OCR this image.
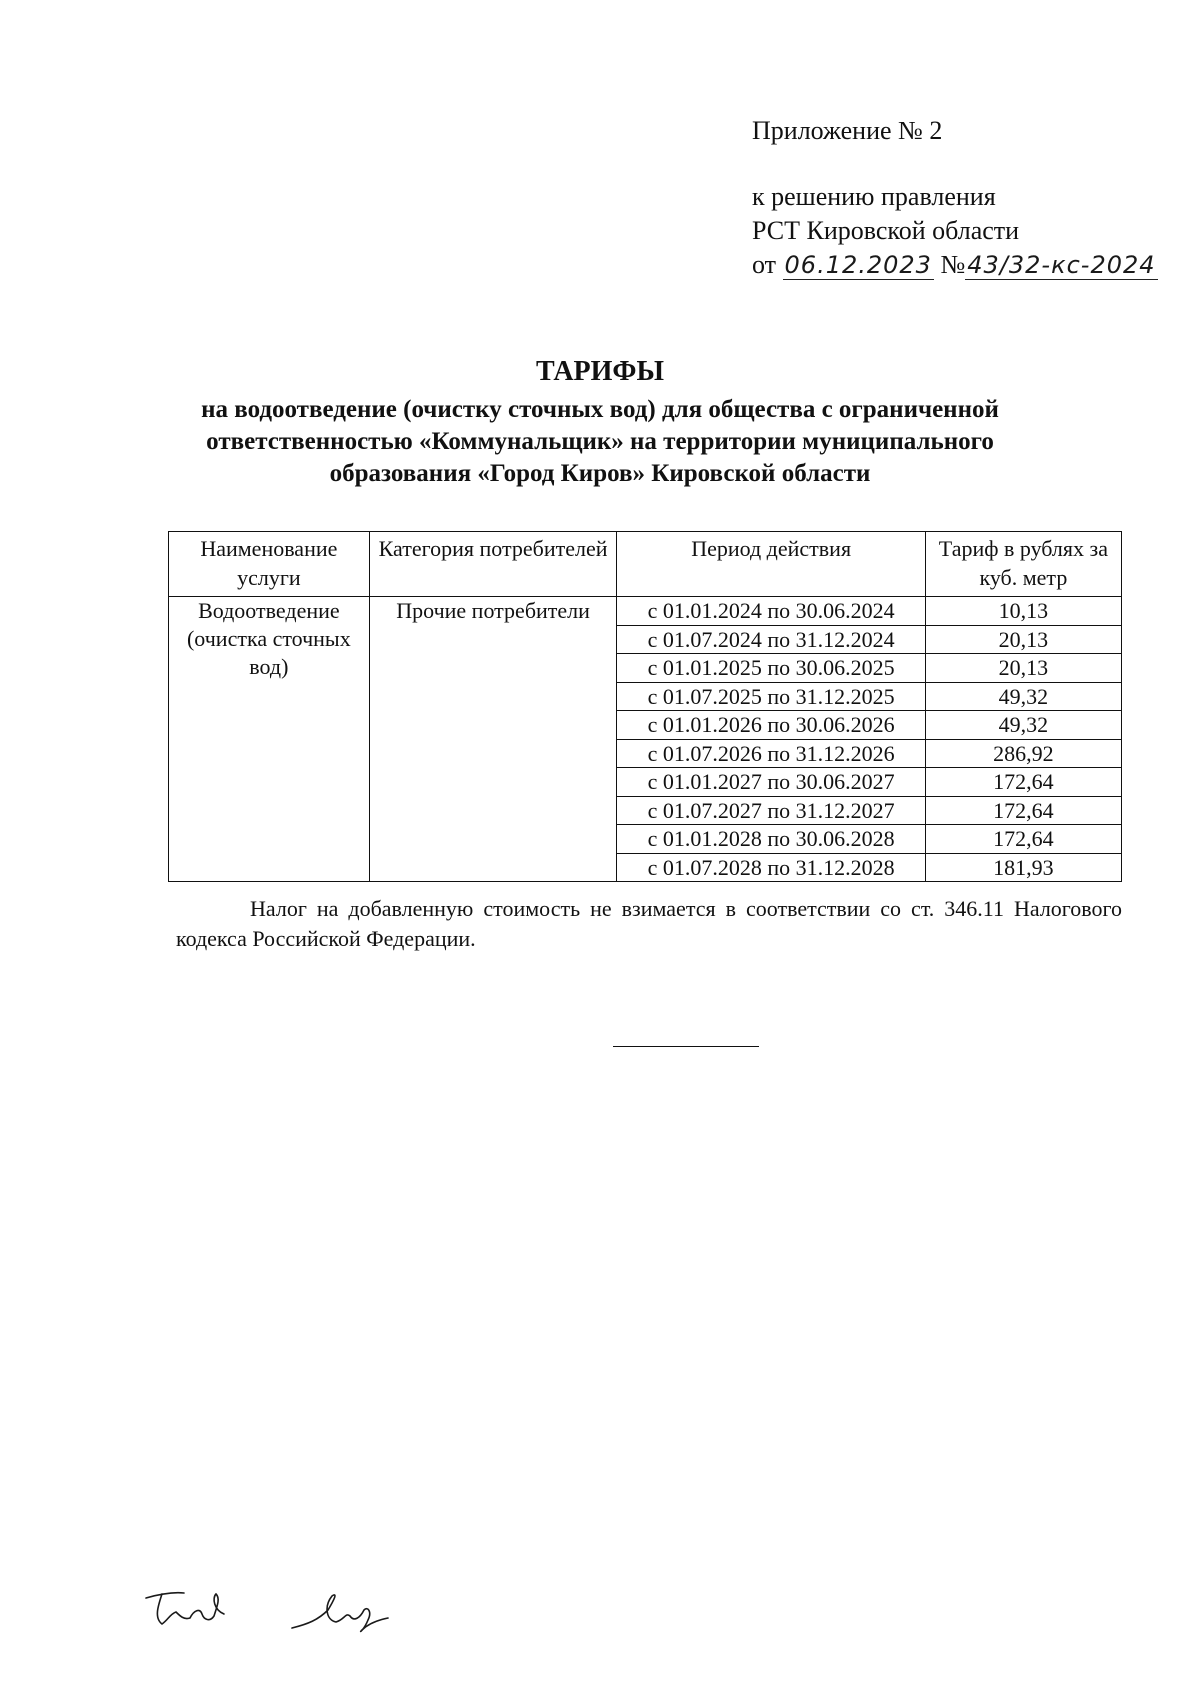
Приложение № 2
к решению правления
РСТ Кировской области
от 06.12.2023 №43/32-кс-2024
ТАРИФЫ
на водоотведение (очистку сточных вод) для общества с ограниченной
ответственностью «Коммунальщик» на территории муниципального
образования «Город Киров» Кировской области
Наименование услуги	Категория потребителей	Период действия	Тариф в рублях за куб. метр
Водоотведение (очистка сточных вод)	Прочие потребители	с 01.01.2024 по 30.06.2024	10,13
		с 01.07.2024 по 31.12.2024	20,13
		с 01.01.2025 по 30.06.2025	20,13
		с 01.07.2025 по 31.12.2025	49,32
		с 01.01.2026 по 30.06.2026	49,32
		с 01.07.2026 по 31.12.2026	286,92
		с 01.01.2027 по 30.06.2027	172,64
		с 01.07.2027 по 31.12.2027	172,64
		с 01.01.2028 по 30.06.2028	172,64
		с 01.07.2028 по 31.12.2028	181,93
Налог на добавленную стоимость не взимается в соответствии со ст. 346.11 Налогового кодекса Российской Федерации.
